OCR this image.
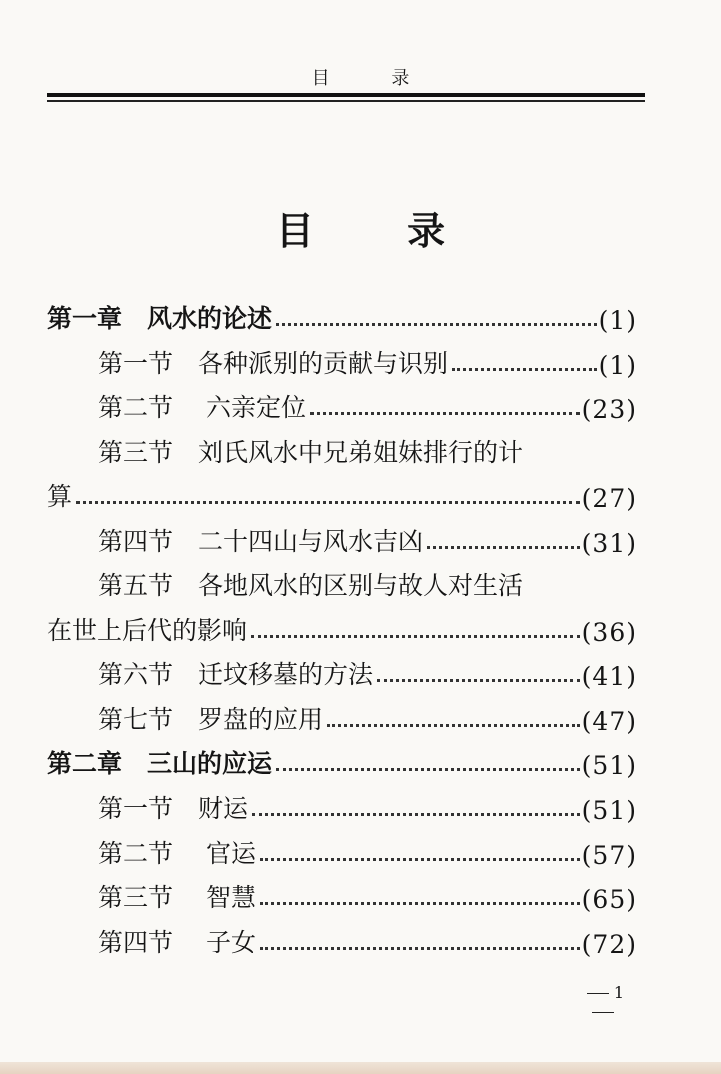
目 录
目 录
第一章　风水的论述	(1)
第一节　各种派别的贡献与识别	(1)
第二节　 六亲定位	(23)
第三节　刘氏风水中兄弟姐妹排行的计
算	(27)
第四节　二十四山与风水吉凶	(31)
第五节　各地风水的区别与故人对生活
在世上后代的影响	(36)
第六节　迁坟移墓的方法	(41)
第七节　罗盘的应用	(47)
第二章　三山的应运	(51)
第一节　财运	(51)
第二节　 官运	(57)
第三节　 智慧	(65)
第四节　 子女	(72)
1
